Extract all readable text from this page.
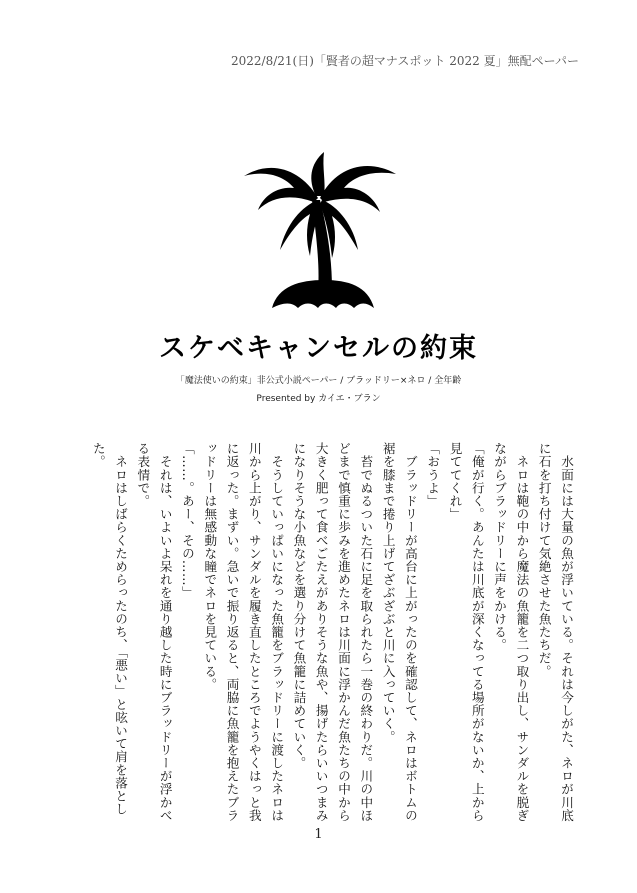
2022/8/21(日)「賢者の超マナスポット 2022 夏」無配ペーパー
スケベキャンセルの約束
「魔法使いの約束」非公式小説ペーパー / ブラッドリー×ネロ / 全年齢
Presented by カイエ・ブラン

　水面には大量の魚が浮いている。それは今しがた、ネロが川底に石を打ち付けて気絶させた魚たちだ。

　ネロは鞄の中から魔法の魚籠を二つ取り出し、サンダルを脱ぎながらブラッドリーに声をかける。

「俺が行く。あんたは川底が深くなってる場所がないか、上から見ててくれ」

「おうよ」

　ブラッドリーが高台に上がったのを確認して、ネロはボトムの裾を膝まで捲り上げてざぶざぶと川に入っていく。

　苔でぬるついた石に足を取られたら一巻の終わりだ。川の中ほどまで慎重に歩みを進めたネロは川面に浮かんだ魚たちの中から大きく肥って食べごたえがありそうな魚や、揚げたらいいつまみになりそうな小魚などを選り分けて魚籠に詰めていく。

　そうしていっぱいになった魚籠をブラッドリーに渡したネロは川から上がり、サンダルを履き直したところでようやくはっと我に返った。まずい。急いで振り返ると、両脇に魚籠を抱えたブラッドリーは無感動な瞳でネロを見ている。

「……。あー、その……」

　それは、いよいよ呆れを通り越した時にブラッドリーが浮かべる表情で。

　ネロはしばらくためらったのち、「悪い」と呟いて肩を落とした。

1
